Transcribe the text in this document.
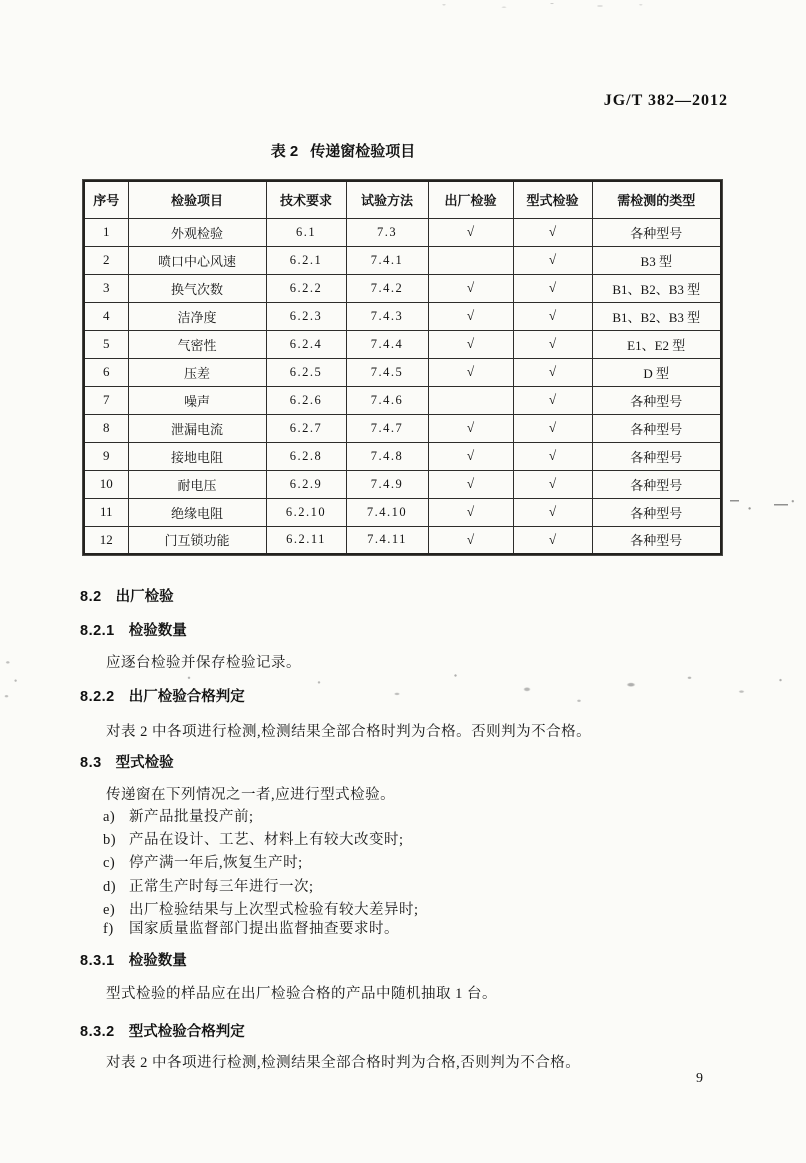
JG/T 382—2012
表 2 传递窗检验项目
序号	检验项目	技术要求	试验方法	出厂检验	型式检验	需检测的类型
1	外观检验	6.1	7.3	√	√	各种型号
2	喷口中心风速	6.2.1	7.4.1		√	B3 型
3	换气次数	6.2.2	7.4.2	√	√	B1、B2、B3 型
4	洁净度	6.2.3	7.4.3	√	√	B1、B2、B3 型
5	气密性	6.2.4	7.4.4	√	√	E1、E2 型
6	压差	6.2.5	7.4.5	√	√	D 型
7	噪声	6.2.6	7.4.6		√	各种型号
8	泄漏电流	6.2.7	7.4.7	√	√	各种型号
9	接地电阻	6.2.8	7.4.8	√	√	各种型号
10	耐电压	6.2.9	7.4.9	√	√	各种型号
11	绝缘电阻	6.2.10	7.4.10	√	√	各种型号
12	门互锁功能	6.2.11	7.4.11	√	√	各种型号
8.2 出厂检验
8.2.1 检验数量
应逐台检验并保存检验记录。
8.2.2 出厂检验合格判定
对表 2 中各项进行检测,检测结果全部合格时判为合格。否则判为不合格。
8.3 型式检验
传递窗在下列情况之一者,应进行型式检验。
a) 新产品批量投产前;
b) 产品在设计、工艺、材料上有较大改变时;
c) 停产满一年后,恢复生产时;
d) 正常生产时每三年进行一次;
e) 出厂检验结果与上次型式检验有较大差异时;
f) 国家质量监督部门提出监督抽查要求时。
8.3.1 检验数量
型式检验的样品应在出厂检验合格的产品中随机抽取 1 台。
8.3.2 型式检验合格判定
对表 2 中各项进行检测,检测结果全部合格时判为合格,否则判为不合格。
9
